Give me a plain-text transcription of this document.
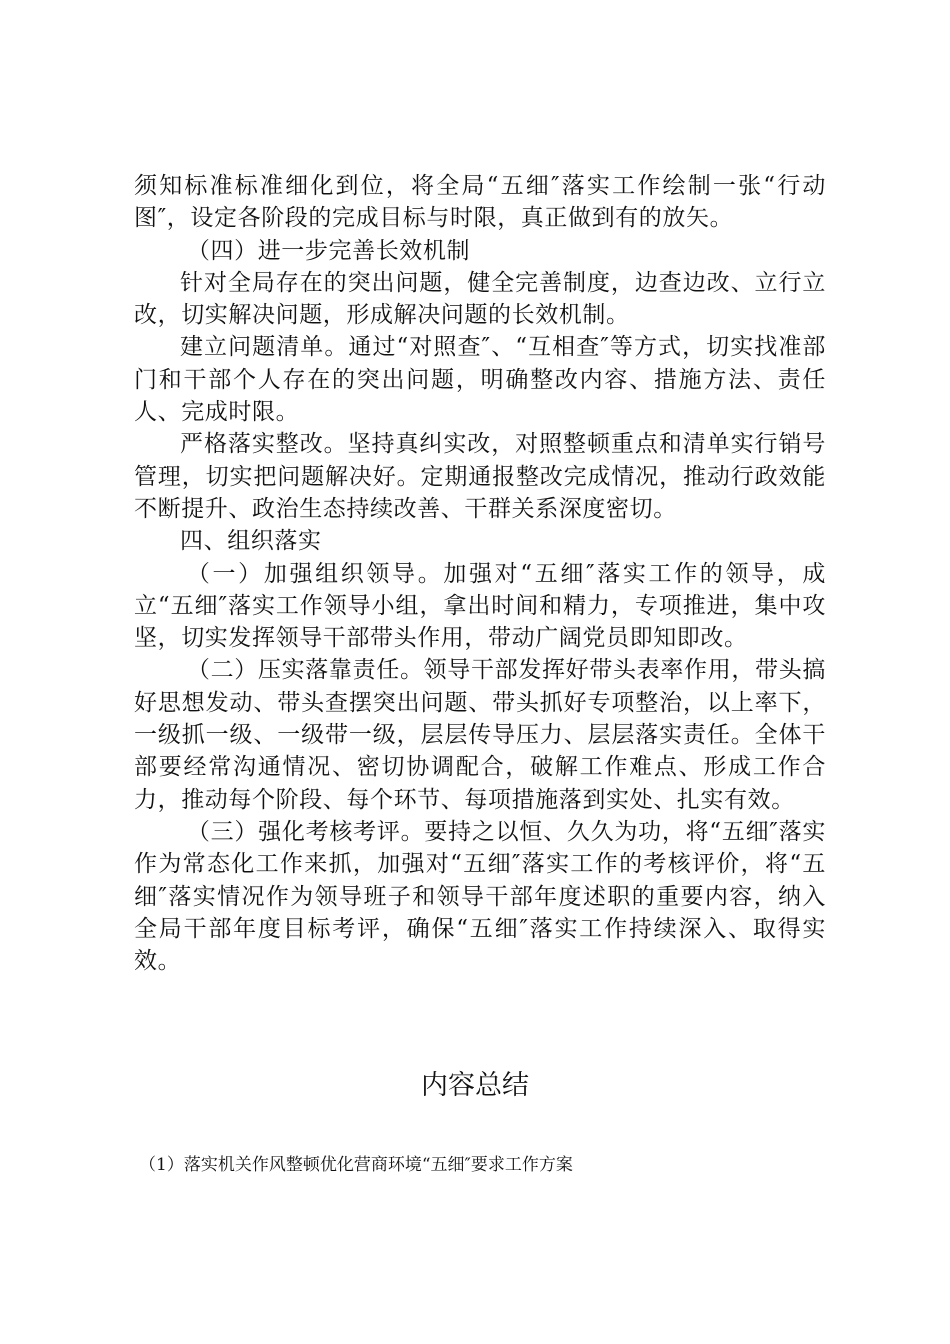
须知标准标准细化到位，将全局“五细″落实工作绘制一张“行动图″，设定各阶段的完成目标与时限，真正做到有的放矢。

（四）进一步完善长效机制

针对全局存在的突出问题，健全完善制度，边查边改、立行立改，切实解决问题，形成解决问题的长效机制。

建立问题清单。通过“对照查″、“互相查″等方式，切实找准部门和干部个人存在的突出问题，明确整改内容、措施方法、责任人、完成时限。

严格落实整改。坚持真纠实改，对照整顿重点和清单实行销号管理，切实把问题解决好。定期通报整改完成情况，推动行政效能不断提升、政治生态持续改善、干群关系深度密切。

四、组织落实

（一）加强组织领导。加强对“五细″落实工作的领导，成立“五细″落实工作领导小组，拿出时间和精力，专项推进，集中攻坚，切实发挥领导干部带头作用，带动广阔党员即知即改。

（二）压实落靠责任。领导干部发挥好带头表率作用，带头搞好思想发动、带头查摆突出问题、带头抓好专项整治，以上率下，一级抓一级、一级带一级，层层传导压力、层层落实责任。全体干部要经常沟通情况、密切协调配合，破解工作难点、形成工作合力，推动每个阶段、每个环节、每项措施落到实处、扎实有效。

（三）强化考核考评。要持之以恒、久久为功，将“五细″落实作为常态化工作来抓，加强对“五细″落实工作的考核评价，将“五细″落实情况作为领导班子和领导干部年度述职的重要内容，纳入全局干部年度目标考评，确保“五细″落实工作持续深入、取得实效。

内容总结

（1）落实机关作风整顿优化营商环境“五细″要求工作方案
